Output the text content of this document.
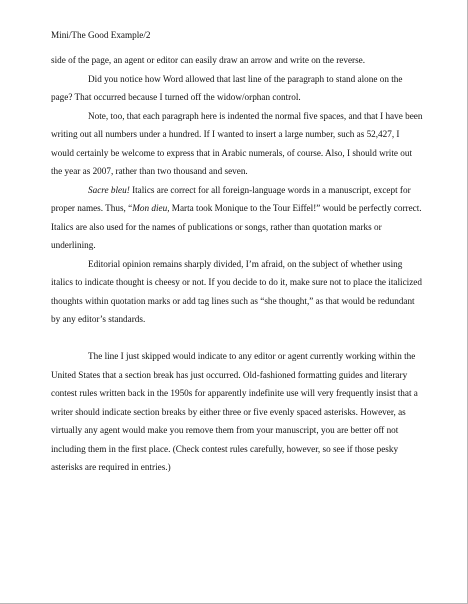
Mini/The Good Example/2

side of the page, an agent or editor can easily draw an arrow and write on the reverse.

Did you notice how Word allowed that last line of the paragraph to stand alone on the page? That occurred because I turned off the widow/orphan control.

Note, too, that each paragraph here is indented the normal five spaces, and that I have been writing out all numbers under a hundred. If I wanted to insert a large number, such as 52,427, I would certainly be welcome to express that in Arabic numerals, of course. Also, I should write out the year as 2007, rather than two thousand and seven.

Sacre bleu! Italics are correct for all foreign-language words in a manuscript, except for proper names. Thus, “Mon dieu, Marta took Monique to the Tour Eiffel!” would be perfectly correct. Italics are also used for the names of publications or songs, rather than quotation marks or underlining.

Editorial opinion remains sharply divided, I’m afraid, on the subject of whether using italics to indicate thought is cheesy or not. If you decide to do it, make sure not to place the italicized thoughts within quotation marks or add tag lines such as “she thought,” as that would be redundant by any editor’s standards.

The line I just skipped would indicate to any editor or agent currently working within the United States that a section break has just occurred. Old-fashioned formatting guides and literary contest rules written back in the 1950s for apparently indefinite use will very frequently insist that a writer should indicate section breaks by either three or five evenly spaced asterisks. However, as virtually any agent would make you remove them from your manuscript, you are better off not including them in the first place. (Check contest rules carefully, however, so see if those pesky asterisks are required in entries.)
